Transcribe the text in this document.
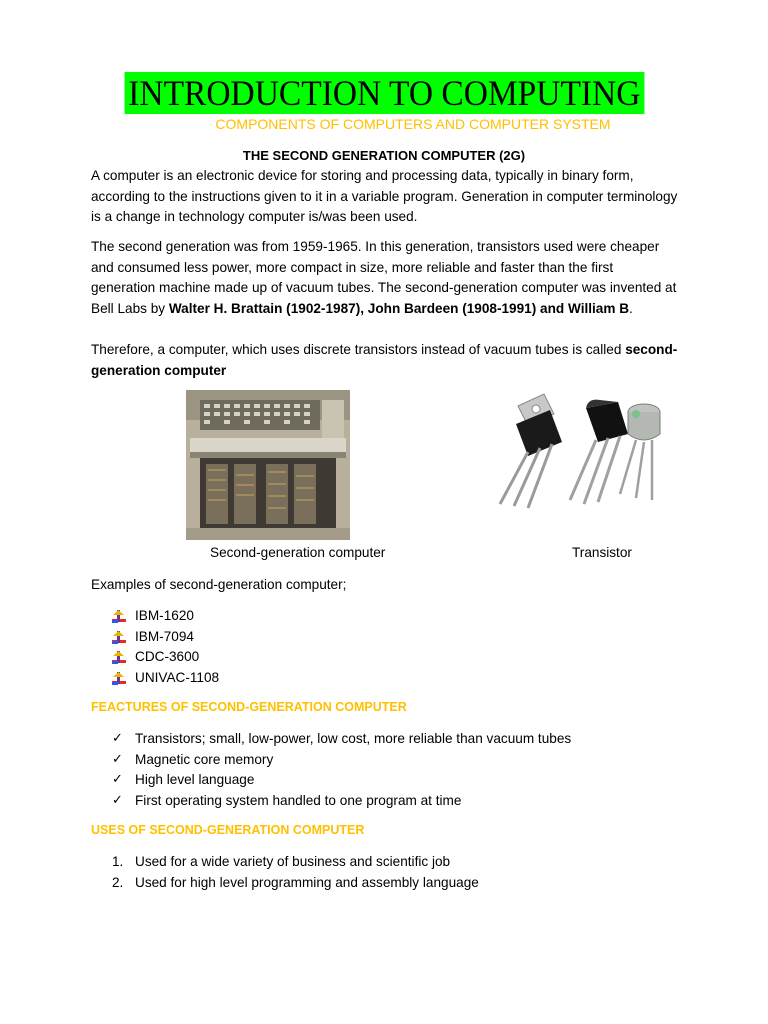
INTRODUCTION TO COMPUTING
COMPONENTS OF COMPUTERS AND COMPUTER SYSTEM
THE SECOND GENERATION COMPUTER (2G)

A computer is an electronic device for storing and processing data, typically in binary form, according to the instructions given to it in a variable program. Generation in computer terminology is a change in technology computer is/was been used.

The second generation was from 1959-1965. In this generation, transistors used were cheaper and consumed less power, more compact in size, more reliable and faster than the first generation machine made up of vacuum tubes. The second-generation computer was invented at Bell Labs by Walter H. Brattain (1902-1987), John Bardeen (1908-1991) and William B.

Therefore, a computer, which uses discrete transistors instead of vacuum tubes is called second-generation computer

Second-generation computer	Transistor

Examples of second-generation computer;

IBM-1620
IBM-7094
CDC-3600
UNIVAC-1108
FEACTURES OF SECOND-GENERATION COMPUTER
✓ Transistors; small, low-power, low cost, more reliable than vacuum tubes
✓ Magnetic core memory
✓ High level language
✓ First operating system handled to one program at time
USES OF SECOND-GENERATION COMPUTER
1. Used for a wide variety of business and scientific job
2. Used for high level programming and assembly language
